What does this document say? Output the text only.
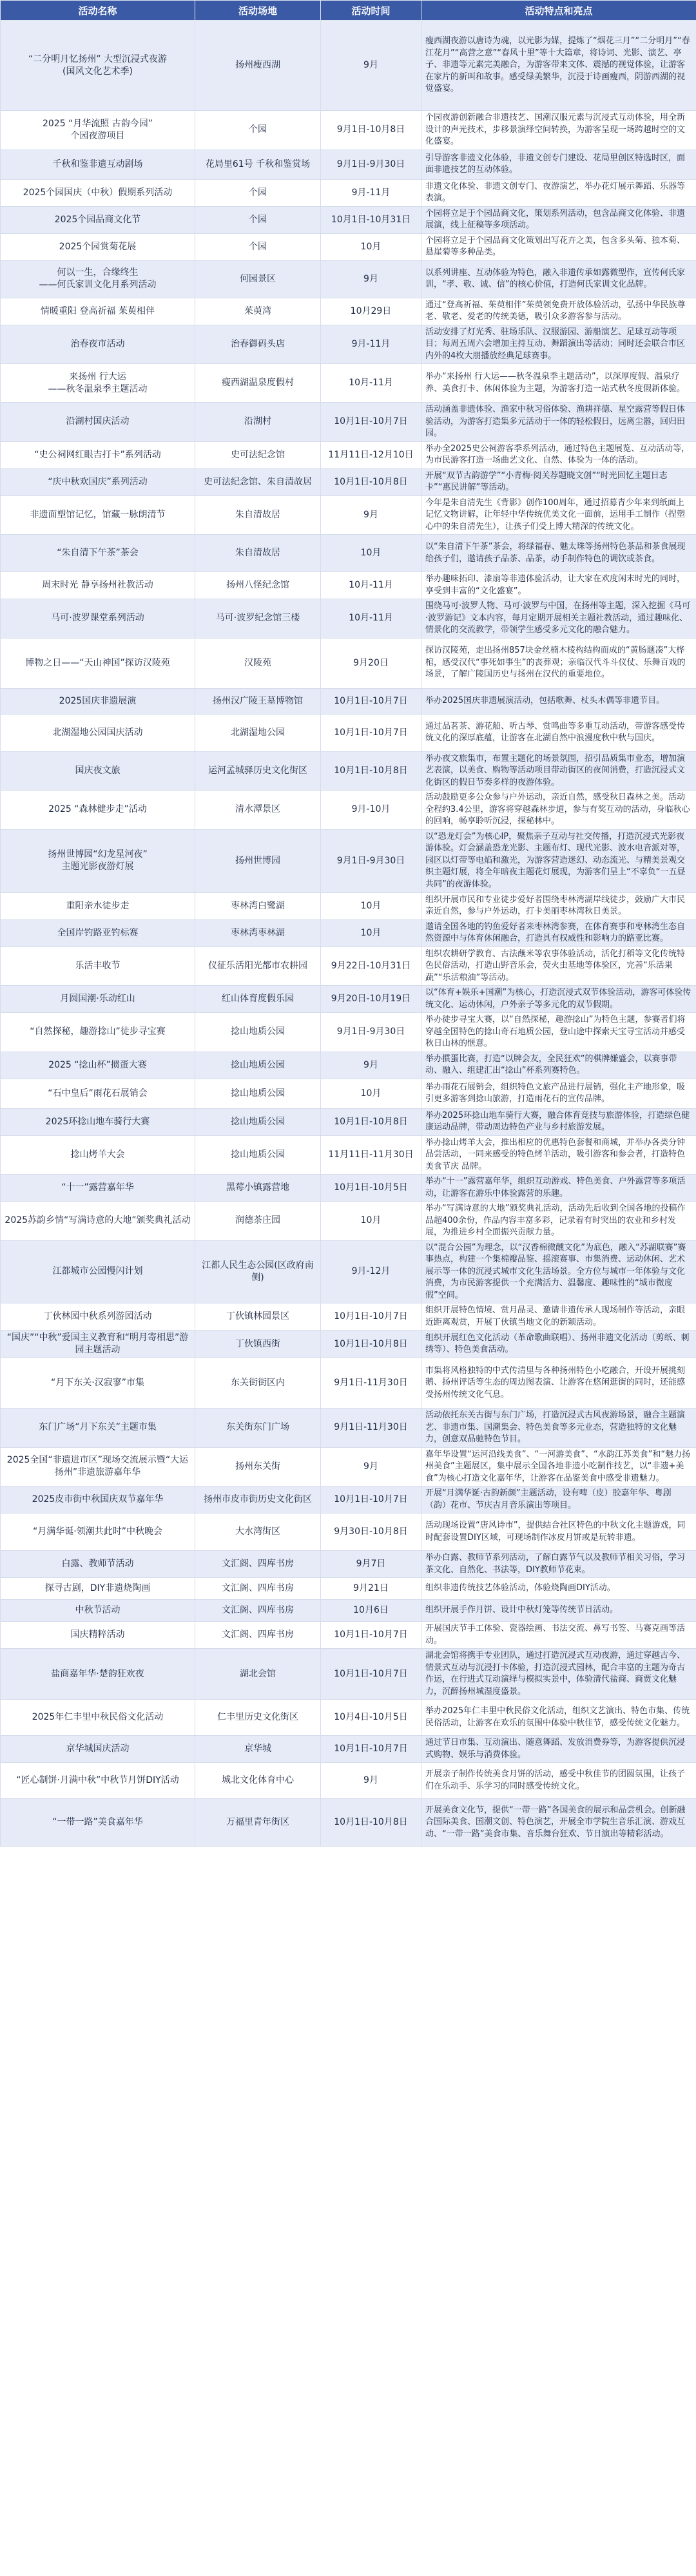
活动名称	活动场地	活动时间	活动特点和亮点

“二分明月忆扬州” 大型沉浸式夜游
(国风文化艺术季)	扬州瘦西湖	9月	瘦西湖夜游以唐诗为魂，以光影为媒，提炼了“烟花三月”“二分明月”“春江花月”“高营之意”“春风十里”等十大篇章，将诗词、光影、演艺、亭子、非遗等元素完美融合，为游客带来文体、震撼的视觉体验，让游客在家片的新叫和故事。感受绿美繁华，沉浸于诗画瘦西，阴游西湖的视觉盛宴。

2025 “月华流照 古韵今园”
个园夜游项目	个园	9月1日-10月8日	个园夜游创新融合非遗技艺、国潮汉服元素与沉浸式互动体验，用全新设计的声光技术，步移景演绎空间转换，为游客呈现一场跨越时空的文化盛宴。

千秋和鉴非遗互动剧场	花局里61号 千秋和鉴赏场	9月1日-9月30日	引导游客非遗文化体验，非遗文创专门建设、花局里创区特选时区，面面非遗技艺的互动体验。

2025个园国庆（中秋）假期系列活动	个园	9月-11月	非遗文化体验、非遗文创专门、夜游演艺，举办花灯展示舞蹈、乐器等表演。

2025个园品商文化节	个园	10月1日-10月31日	个园将立足于个园品商文化，策划系列活动，包含品商文化体验、非遗展演，线上征稿等多项活动。

2025个园赏菊花展	个园	10月	个园将立足于个园品商文化策划出写花卉之美，包含多头菊、独本菊、悬崖菊等多种品类。

何以一生，合缘终生
——何氏家训文化月系列活动	何园景区	9月	以系列讲座、互动体验为特色，融入非遗传承如露微型作，宣传何氏家训，“孝、敬、诚、信”的核心价值，打造何氏家训文化品牌。

情暖重阳 登高祈福 茱萸相伴	茱萸湾	10月29日	通过“登高祈福、茱萸相伴”茱萸领免费开放体验活动，弘扬中华民族尊老、敬老、爱老的传统美德，吸引众多游客参与活动。

治春夜市活动	治春御码头店	9月-11月	活动安排了灯光秀、驻场乐队、汉服游园、游船演艺、足球互动等项目；每周五周六会增加主持互动、舞蹈演出等活动；同时还会联合市区内外的4枚大朋播放经典足球赛事。

来扬州 行大运
——秋冬温泉季主题活动	瘦西湖温泉度假村	10月-11月	举办“来扬州 行大运——秋冬温泉季主题活动”，以深厚度假、温泉疗养、美食打卡、休闲体验为主题，为游客打造一站式秋冬度假新体验。

沿湖村国庆活动	沿湖村	10月1日-10月7日	活动涵盖非遗体验、渔家中秋习俗体验、渔耕祥德、星空露营等假日体验活动，为游客打造集多元活动于一体的轻松假日，远离尘嚣，回归田园。

“史公祠网红眼吉打卡”系列活动	史可法纪念馆	11月11日-12月10日	举办全2025史公祠游客季系列活动，通过特色主题展览、互动活动等，为市民游客打造一场曲艺文化、自然、体验为一体的活动。

“庆中秋欢国庆”系列活动	史可法纪念馆、朱自清故居	10月1日-10月8日	开展“双节古韵游学”“小青梅·阅关荐题晓文创”“时光回忆主题日志卡”“惠民讲解”等活动。

非遗面塑馆记忆，馆藏一脉朗清节	朱自清故居	9月	今年是朱自清先生《背影》创作100周年，通过招募青少年来到纸面上记忆文物讲解，让年轻中华传统优美文化一面前，运用手工制作（捏塑心中的朱自清先生），让孩子们受上博大精深的传统文化。

“朱自清下午茶”茶会	朱自清故居	10月	以“朱自清下午茶”茶会，将绿福春、魅太珠等扬州特色茶品和茶食展现给孩子们，邀请孩子品茶、品茶，动手制作特色的调饮或茶食。

周末时光 静享扬州社教活动	扬州八怪纪念馆	10月-11月	举办趣味拓印、漆扇等非遗体验活动，让大家在欢度闲末时光的同时，享受到丰富的“文化盛宴”。

马可·波罗课堂系列活动	马可·波罗纪念馆三楼	10月-11月	围绕马可·波罗人物、马可·波罗与中国，在扬州等主题，深入挖掘《马可·波罗游记》文本内容，每月定期开展相关主题社教活动，通过趣味化、情景化的交流教学，带领学生感受多元文化的融合魅力。

博物之日——“天山神国”探访汉陵苑	汉陵苑	9月20日	探访汉陵苑，走出扬州857块金丝楠木棱构结构而成的“黄肠题凑”大桦棺，感受汉代“事死如事生”的丧葬观；亲临汉代斗斗仪仗、乐舞百戏的场景，了解广陵国历史与扬州在汉代的重要地位。

2025国庆非遗展演	扬州汉广陵王墓博物馆	10月1日-10月7日	举办2025国庆非遗展演活动，包括歌舞、杖头木偶等非遗节目。

北湖湿地公园国庆活动	北湖湿地公园	10月1日-10月7日	通过品茗茶、游花船、听古琴、赏鸣曲等多重互动活动，带游客感受传统文化的深厚底蕴，让游客在北湖自然中浪漫度秋中秋与国庆。

国庆夜文旅	运河孟城驿历史文化街区	10月1日-10月8日	举办夜文旅集市，布置主题化的场景氛围，招引品质集市业态，增加演艺表演，以美食、购物等活动项目带动街区的夜间消费，打造沉浸式文化街区的假日节奏多样的夜游体验。

2025 “森林健步走”活动	清水潭景区	9月-10月	活动鼓励更多公众参与户外运动，亲近自然，感受秋日森林之美。活动全程约3.4公里，游客将穿越森林步道，参与有奖互动的活动，身临秋心的回响，畅享聆听沉浸，探秘林中。

扬州世博园“幻龙星河夜”
主题光影夜游灯展	扬州世博园	9月1日-9月30日	以“恐龙灯会”为核心IP，聚焦亲子互动与社交传播，打造沉浸式光影夜游体验。灯会涵盖恐龙光影、主题布灯、现代光影、波水电音派对等，园区以灯带等电焰和激光，为游客营造迷幻、动态流光、与精美景观交织主题灯展，将全年暗夜主题花灯展现，为游客们呈上“不辜负“一五昼共同”的夜游体验。

重阳亲水徒步走	枣林湾白鹭湖	10月	组织开展市民和专业徒步爱好者围绕枣林湾湖岸线徒步，鼓励广大市民亲近自然，参与户外运动，打卡美丽枣林湾秋日美景。

全国岸钓路亚钓标赛	枣林湾枣林湖	10月	邀请全国各地的钓鱼爱好者来枣林湾参赛，在体育赛事和枣林湾生态自然资源中与体育休闲融合，打造具有权威性和影响力的路亚比赛。

乐活丰收节	仪征乐活阳光都市农耕园	9月22日-10月31日	组织农耕研学教育、古法蘸米等农事体验活动，活化打稻等文化传统特色民俗活动，打造山野音乐会，荧火虫基地等体验区，完善“乐活果蔬”“乐活粮油”等活动。

月圆国潮·乐动红山	红山体育度假乐园	9月20日-10月19日	以“体育+娱乐+国潮”为核心，打造沉浸式双节体验活动，游客可体验传统文化、运动休闲，户外亲子等多元化的双节假期。

“自然探秘，趣游捻山”徒步寻宝赛	捻山地质公园	9月1日-9月30日	举办徒步寻宝大赛，以“自然探秘，趣游捻山”为特色主题，参赛者们将穿越全国特色的捻山奇石地质公园，登山途中探索天宝寻宝活动并感受秋日山林的惬意。

2025 “捻山杯”掼蛋大赛	捻山地质公园	9月	举办掼蛋比赛，打造“以牌会友，全民狂欢”的棋牌嫌盛会，以赛事带动、融入、组建汇出“捻山”杯系列赛特色。

“石中皇后”雨花石展销会	捻山地质公园	10月	举办雨花石展销会，组织特色文旅产品进行展销，强化主产地形象，吸引更多游客到捻山旅游，打造雨花石的宣传品牌。

2025环捻山地车骑行大赛	捻山地质公园	10月1日-10月8日	举办2025环捻山地车骑行大赛，融合体育竞技与旅游体验，打造绿色健康运动品牌，带动周边特色产业与乡村旅游发展。

捻山烤羊大会	捻山地质公园	11月11日-11月30日	举办捻山烤羊大会，推出相应的优惠特色套餐和商城，并举办各类分钟品尝活动，一同来感受的特色烤羊活动，吸引游客和参会者，打造特色美食节庆 品牌。

“十一”露营嘉年华	黑莓小镇露营地	10月1日-10月5日	举办“十一”露营嘉年华，组织互动游戏、特色美食、户外露营等多项活动，让游客在游乐中体验露营的乐趣。

2025苏韵乡情“写满诗意的大地”颁奖典礼活动	润德茶庄园	10月	举办“写满诗意的大地”颁奖典礼活动，活动先后收到全国各地的投稿作品超400余份，作品内容丰富多彩，记录着有时突出的农业和乡村发展，为推进乡村全面振兴贡献力量。

江都城市公园慢闪计划	江都人民生态公园(区政府南侧)	9月-12月	以“混合公园”为理念，以“汉香棉微醺文化”为底色，融入“苏湖联赛”赛事热点，构建一个集棉瓣品鉴、摇滚赛事、市集消费、运动休闲、艺术展示等一体的沉浸式城市文化生活场景。全方位与城市一年体验与文化消费，为市民游客提供一个充满活力、温馨度、趣味性的“城市微度假”空间。

丁伙林园中秋系列游园活动	丁伙镇林园景区	10月1日-10月7日	组织开展特色情境、赏月晶灵、邀请非遗传承人现场制作等活动，亲眼近距离观赏，开展丁伙镇当地文化的新颖活动。

“国庆”“中秋”爱国主义教育和“明月寄相思”游园主题活动	丁伙镇西街	10月1日-10月8日	组织开展红色文化活动（革命歌曲联唱）、扬州非遗文化活动（剪纸、刺绣等）、特色美食活动。

“月下东关·汉寂寥”市集	东关街街区内	9月1日-11月30日	市集将风格独特的中式传清里与各种扬州特色小吃融合，开设开展挑刻鹅、扬州评话等生态的周边图表演、让游客在悠闲逛街的同时，还能感受扬州传统文化气息。

东门广场“月下东关”主题市集	东关街东门广场	9月1日-11月30日	活动依托东关古街与东门广场，打造沉浸式古风夜游场景，融合主题演艺、非遗市集、国潮集会、特色美食等多元业态，营造独特的文化魅力，创意双品驰特色节目。

2025全国“非遗进市区”现场交流展示暨“大运扬州”非遗旅游嘉年华	扬州东关街	9月	嘉年华设置“运河沿线美食”、“一河游美食”、“水韵江苏美食”和“魅力扬州美食”主题展区，集中展示全国各地非遗小吃制作技艺，以“非遗+美食”为核心打造文化嘉年华，让游客在品鉴美食中感受非遗魅力。

2025皮市街中秋国庆双节嘉年华	扬州市皮市街历史文化街区	10月1日-10月7日	开展“月满华诞·古韵新颜”主题活动，设有啤（皮）胶嘉年华、粤剧（韵）花市、节庆吉月音乐演出等项目。

“月满华诞·领潮共此时”中秋晚会	大水湾街区	9月30日-10月8日	活动现场设置“唐风诗市”，提供结合社区特色的中秋文化主题游戏，同时配套设置DIY区域，可现场制作冰皮月饼或是玩转非遗。

白露、教师节活动	文汇阁、四库书房	9月7日	举办白露、教师节系列活动，了解白露节气以及教师节相关习俗，学习茶文化、自然化、书法等，DIY教师节花束。

探寻古剧，DIY非遗烧陶画	文汇阁、四库书房	9月21日	组织非遗传统技艺体验活动，体验烧陶画DIY活动。

中秋节活动	文汇阁、四库书房	10月6日	组织开展手作月饼、设计中秋灯笼等传统节日活动。

国庆精粹活动	文汇阁、四库书房	10月1日-10月7日	开展国庆节手工体验、瓷器绘画、书法交流、鼻写书签、马赛克画等活动。

盐商嘉年华·楚韵狂欢夜	湖北会馆	10月1日-10月7日	湖北会馆将携手专业团队，通过打造沉浸式互动夜游，通过穿越古今、情景式互动与沉浸打卡体验，打造沉浸式园林，配合丰富的主题为奇古作运，在行进式互动演绎与模拟实景中，体验清代盐商、商贾文化魅力，沉醉扬州城湿度盛景。

2025年仁丰里中秋民俗文化活动	仁丰里历史文化街区	10月4日-10月5日	举办2025年仁丰里中秋民俗文化活动，组织文艺演出、特色市集、传统民俗活动，让游客在欢乐的氛围中体验中秋佳节，感受传统文化魅力。

京华城国庆活动	京华城	10月1日-10月7日	通过节日市集、互动演出、随意舞蹈、发放消费券等，为游客提供沉浸式购物、娱乐与消费体验。

“匠心制饼·月满中秋”中秋节月饼DIY活动	城北文化体育中心	9月	开展亲子制作传统美食月饼的活动，感受中秋佳节的团圆氛围，让孩子们在乐动手、乐学习的同时感受传统文化。

“一带一路”美食嘉年华	万福里青年街区	10月1日-10月8日	开展美食文化节，提供“一带一路”各国美食的展示和品尝机会。创新融合国际美食、国潮文创、特色演艺，开展全市学院生音乐汇演、游戏互动、“一带一路”美食市集、音乐舞台狂欢、节日演出等精彩活动。
